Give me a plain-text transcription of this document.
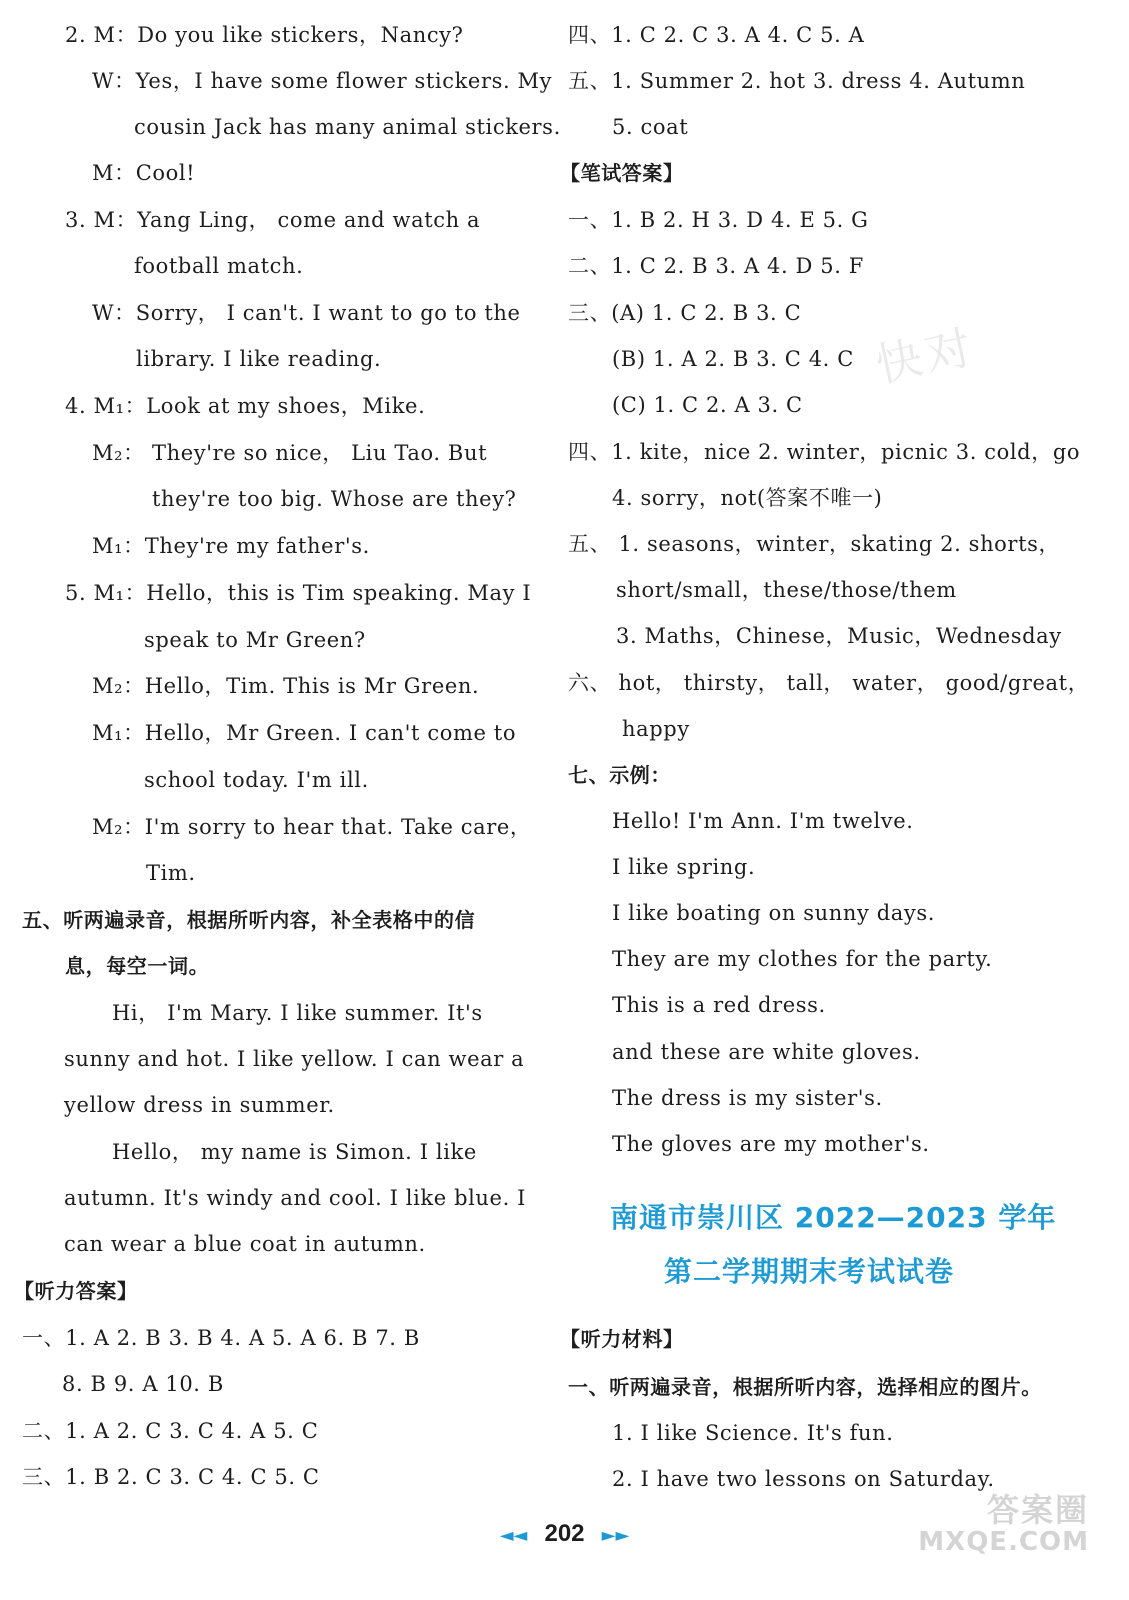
快对
2. M：Do you like stickers，Nancy?
W：Yes，I have some flower stickers. My
cousin Jack has many animal stickers.
M：Cool!
3. M：Yang Ling， come and watch a
football match.
W：Sorry， I can't. I want to go to the
library. I like reading.
4. M₁：Look at my shoes，Mike.
M₂： They're so nice， Liu Tao. But
they're too big. Whose are they?
M₁：They're my father's.
5. M₁：Hello，this is Tim speaking. May I
speak to Mr Green?
M₂：Hello，Tim. This is Mr Green.
M₁：Hello，Mr Green. I can't come to
school today. I'm ill.
M₂：I'm sorry to hear that. Take care，
Tim.
五、听两遍录音，根据所听内容，补全表格中的信
息，每空一词。
Hi， I'm Mary. I like summer. It's
sunny and hot. I like yellow. I can wear a
yellow dress in summer.
Hello， my name is Simon. I like
autumn. It's windy and cool. I like blue. I
can wear a blue coat in autumn.
【听力答案】
一、1. A 2. B 3. B 4. A 5. A 6. B 7. B
8. B 9. A 10. B
二、1. A 2. C 3. C 4. A 5. C
三、1. B 2. C 3. C 4. C 5. C
四、1. C 2. C 3. A 4. C 5. A
五、1. Summer 2. hot 3. dress 4. Autumn
5. coat
【笔试答案】
一、1. B 2. H 3. D 4. E 5. G
二、1. C 2. B 3. A 4. D 5. F
三、(A) 1. C 2. B 3. C
(B) 1. A 2. B 3. C 4. C
(C) 1. C 2. A 3. C
四、1. kite，nice 2. winter，picnic 3. cold，go
4. sorry，not(答案不唯一)
五、 1. seasons，winter，skating 2. shorts，
short/small，these/those/them
3. Maths，Chinese，Music，Wednesday
六、 hot， thirsty， tall， water， good/great，
happy
七、示例：
Hello! I'm Ann. I'm twelve.
I like spring.
I like boating on sunny days.
They are my clothes for the party.
This is a red dress.
and these are white gloves.
The dress is my sister's.
The gloves are my mother's.
南通市崇川区 2022—2023 学年
第二学期期末考试试卷
【听力材料】
一、听两遍录音，根据所听内容，选择相应的图片。
1. I like Science. It's fun.
2. I have two lessons on Saturday.
答案圈
MXQE.COM
◄◄ 202 ►►
